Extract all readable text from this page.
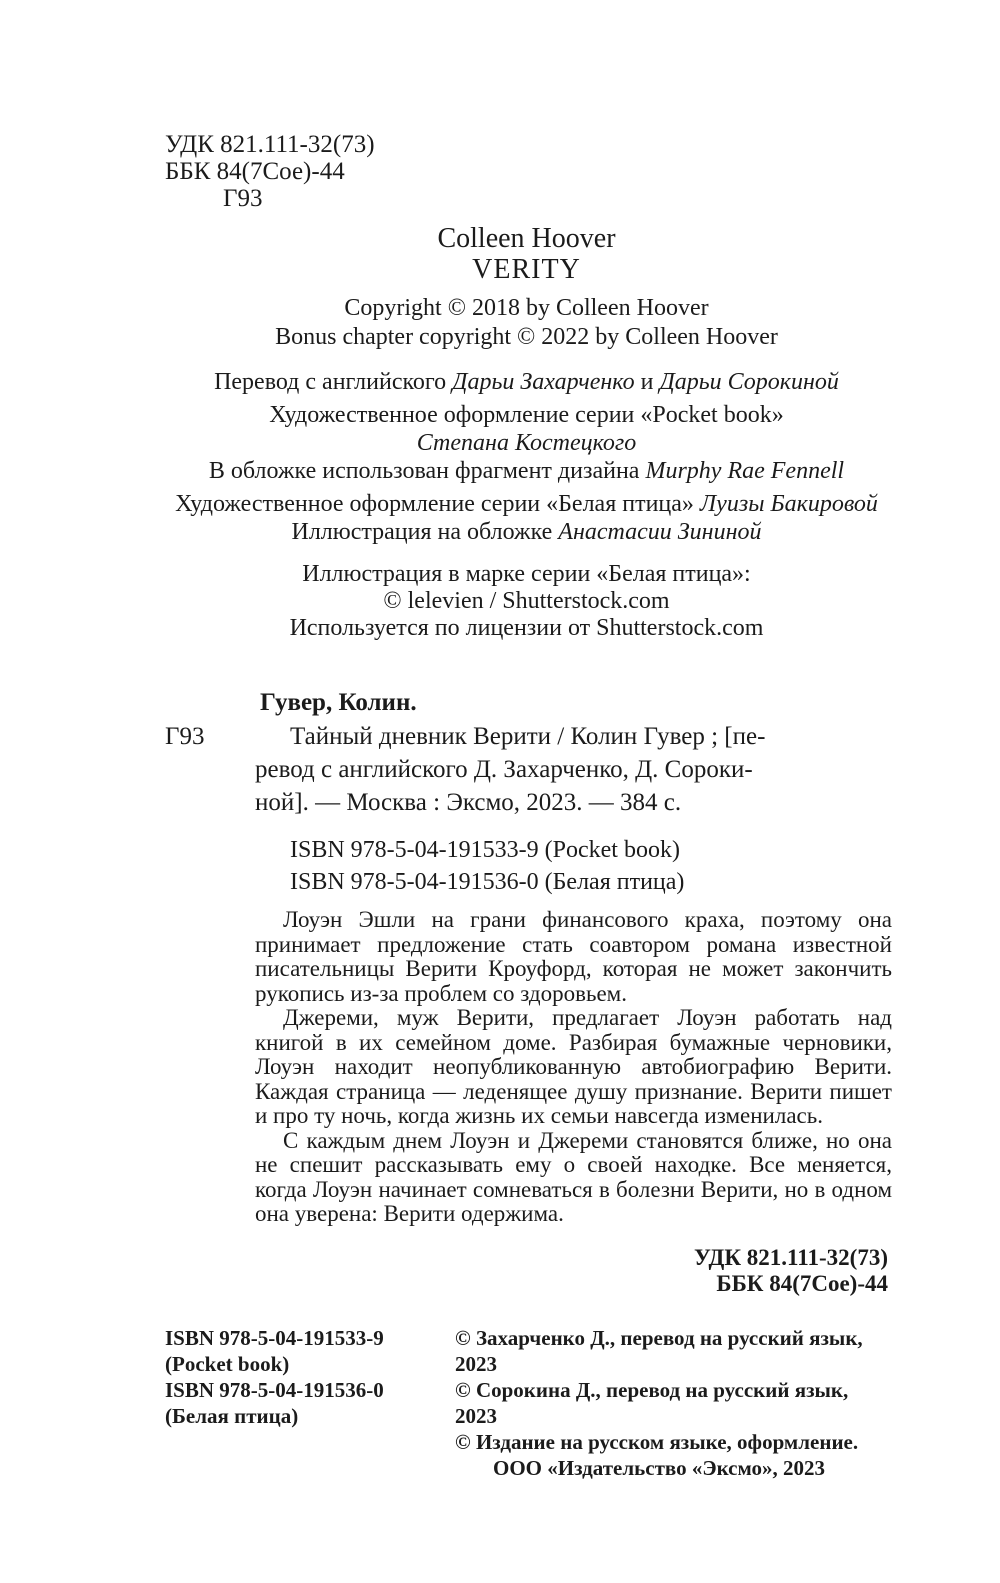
УДК 821.111-32(73)
ББК 84(7Сое)-44
Г93
Colleen Hoover
VERITY
Copyright © 2018 by Colleen Hoover
Bonus chapter copyright © 2022 by Colleen Hoover
Перевод с английского Дарьи Захарченко и Дарьи Сорокиной
Художественное оформление серии «Pocket book»
Степана Костецкого
В обложке использован фрагмент дизайна Murphy Rae Fennell
Художественное оформление серии «Белая птица» Луизы Бакировой
Иллюстрация на обложке Анастасии Зининой
Иллюстрация в марке серии «Белая птица»:
© lelevien / Shutterstock.com
Используется по лицензии от Shutterstock.com
Гувер, Колин.
Г93	Тайный дневник Верити / Колин Гувер ; [пе-
ревод с английского Д. Захарченко, Д. Сороки-
ной]. — Москва : Эксмо, 2023. — 384 с.
ISBN 978-5-04-191533-9 (Pocket book)
ISBN 978-5-04-191536-0 (Белая птица)

Лоуэн Эшли на грани финансового краха, поэтому она принимает предложение стать соавтором романа известной писательницы Верити Кроуфорд, которая не может закончить рукопись из-за проблем со здоровьем.

Джереми, муж Верити, предлагает Лоуэн работать над книгой в их семейном доме. Разбирая бумажные черновики, Лоуэн находит неопубликованную автобиографию Верити. Каждая страница — леденящее душу признание. Верити пишет и про ту ночь, когда жизнь их семьи навсегда изменилась.

С каждым днем Лоуэн и Джереми становятся ближе, но она не спешит рассказывать ему о своей находке. Все меняется, когда Лоуэн начинает сомневаться в болезни Верити, но в одном она уверена: Верити одержима.

УДК 821.111-32(73)
ББК 84(7Сое)-44
ISBN 978-5-04-191533-9
(Pocket book)
ISBN 978-5-04-191536-0
(Белая птица)
© Захарченко Д., перевод на русский язык, 2023
© Сорокина Д., перевод на русский язык, 2023
© Издание на русском языке, оформление.
ООО «Издательство «Эксмо», 2023
